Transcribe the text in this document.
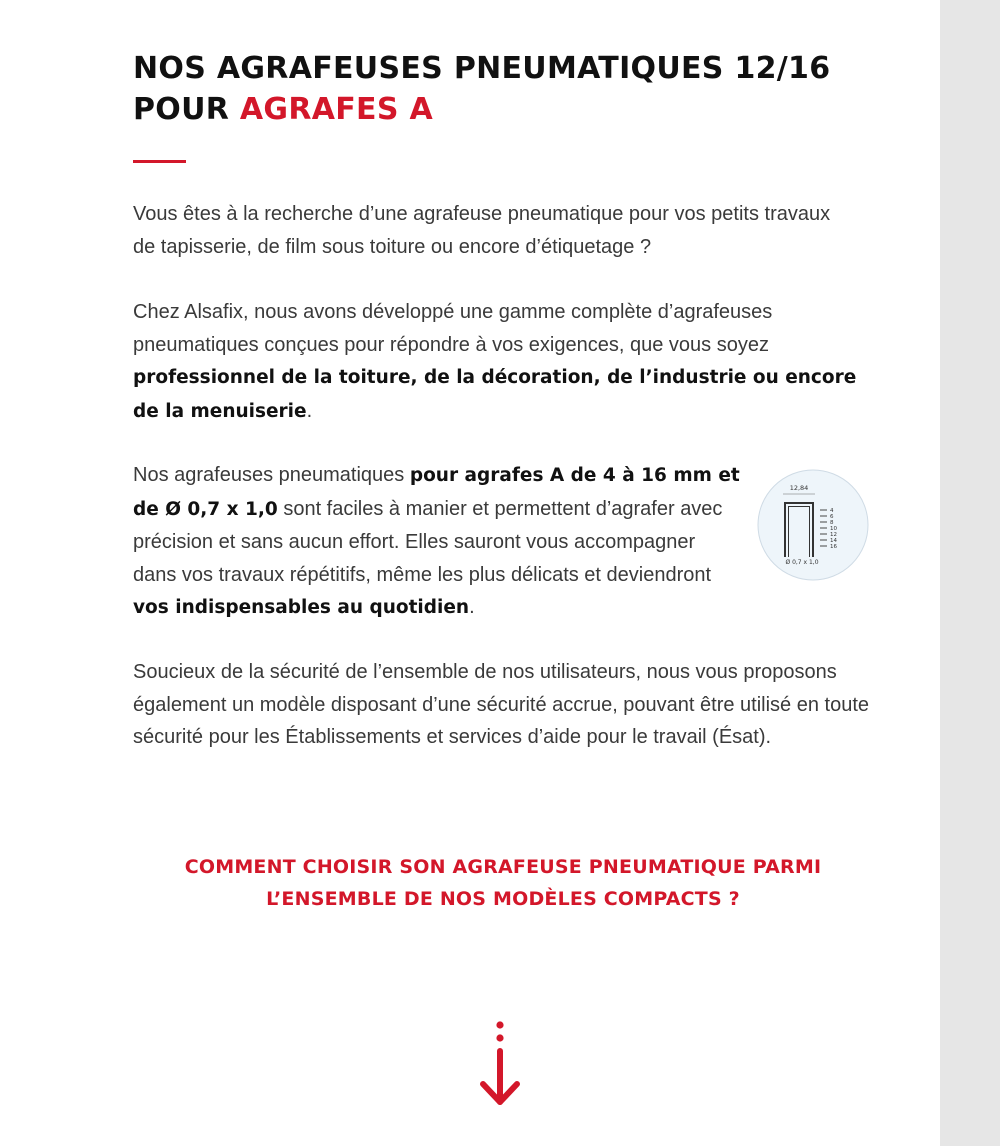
NOS AGRAFEUSES PNEUMATIQUES 12/16
POUR AGRAFES A

Vous êtes à la recherche d’une agrafeuse pneumatique pour vos petits travaux de tapisserie, de film sous toiture ou encore d’étiquetage ?

Chez Alsafix, nous avons développé une gamme complète d’agrafeuses pneumatiques conçues pour répondre à vos exigences, que vous soyez professionnel de la toiture, de la décoration, de l’industrie ou encore de la menuiserie.

Nos agrafeuses pneumatiques pour agrafes A de 4 à 16 mm et de Ø 0,7 x 1,0 sont faciles à manier et permettent d’agrafer avec précision et sans aucun effort. Elles sauront vous accompagner dans vos travaux répétitifs, même les plus délicats et deviendront vos indispensables au quotidien.

12,84
4
6
8
10
12
14
16
Ø 0,7 x 1,0

Soucieux de la sécurité de l’ensemble de nos utilisateurs, nous vous proposons également un modèle disposant d’une sécurité accrue, pouvant être utilisé en toute sécurité pour les Établissements et services d’aide pour le travail (Ésat).

COMMENT CHOISIR SON AGRAFEUSE PNEUMATIQUE PARMI
L’ENSEMBLE DE NOS MODÈLES COMPACTS ?
